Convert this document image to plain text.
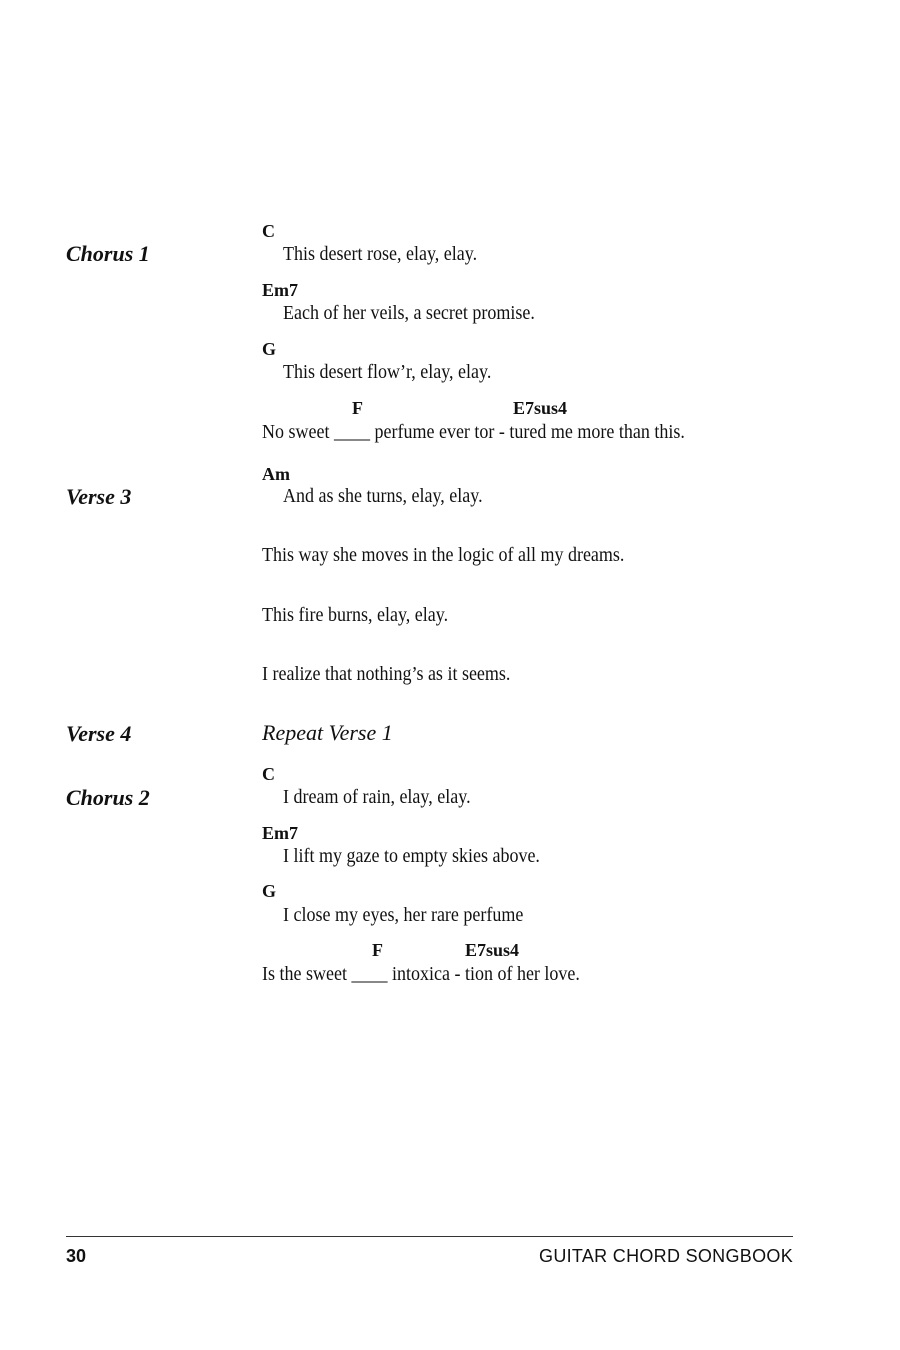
Chorus 1
C
This desert rose, elay, elay.
Em7
Each of her veils, a secret promise.
G
This desert flow’r, elay, elay.
F	E7sus4
No sweet ____ perfume ever tor - tured me more than this.
Verse 3
Am
And as she turns, elay, elay.
This way she moves in the logic of all my dreams.
This fire burns, elay, elay.
I realize that nothing’s as it seems.
Verse 4	Repeat Verse 1
Chorus 2
C
I dream of rain, elay, elay.
Em7
I lift my gaze to empty skies above.
G
I close my eyes, her rare perfume
F	E7sus4
Is the sweet ____ intoxica - tion of her love.
30	GUITAR CHORD SONGBOOK
